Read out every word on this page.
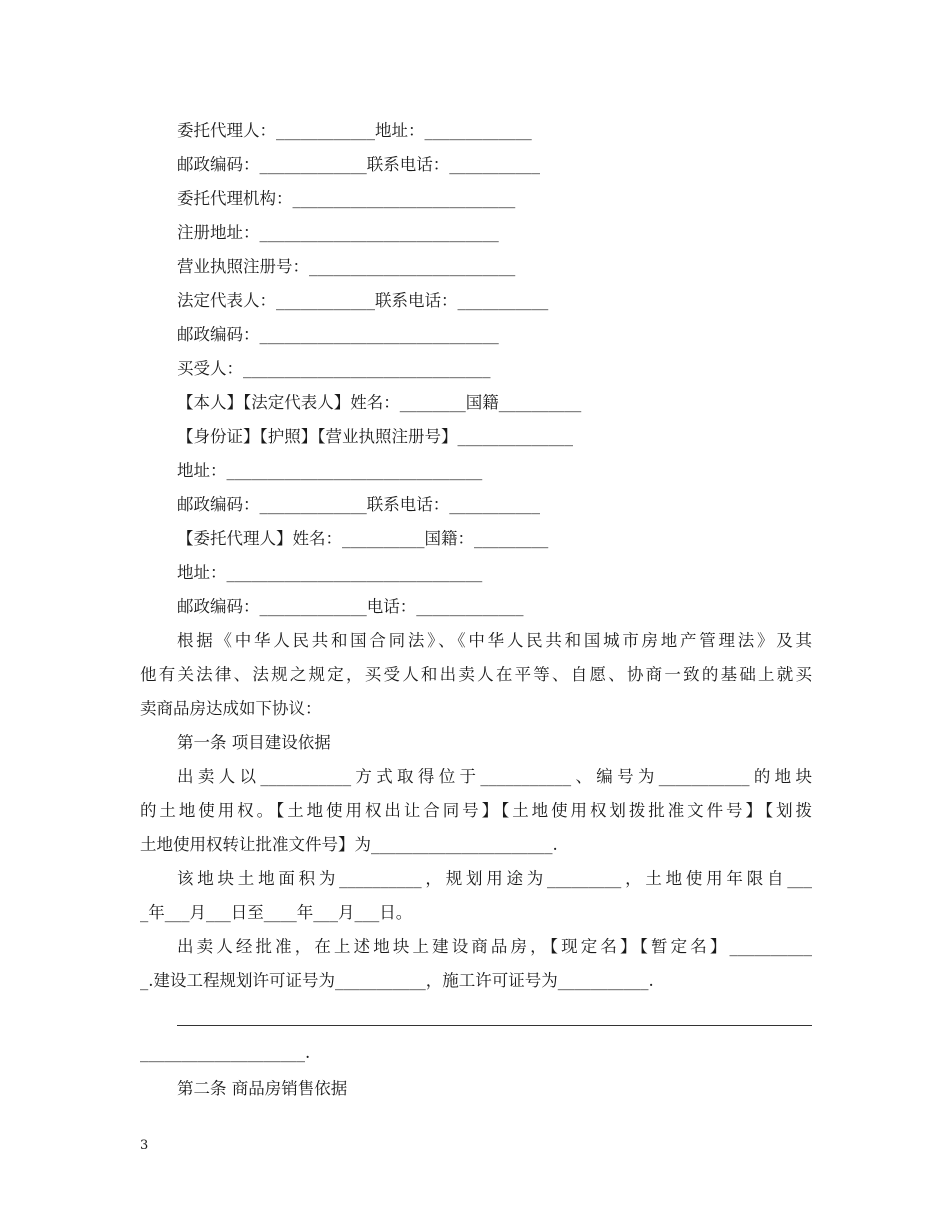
委托代理人：____________地址：_____________
邮政编码：_____________联系电话：___________
委托代理机构：___________________________
注册地址：_____________________________
营业执照注册号：_________________________
法定代表人：____________联系电话：___________
邮政编码：_____________________________
买受人：______________________________
【本人】【法定代表人】姓名：________国籍__________
【身份证】【护照】【营业执照注册号】______________
地址：_______________________________
邮政编码：_____________联系电话：___________
【委托代理人】姓名：__________国籍：_________
地址：_______________________________
邮政编码：_____________电话：_____________
根据《中华人民共和国合同法》、《中华人民共和国城市房地产管理法》及其
他有关法律、法规之规定，买受人和出卖人在平等、自愿、协商一致的基础上就买
卖商品房达成如下协议：
第一条 项目建设依据
出卖人以___________方式取得位于___________、编号为___________的地块
的土地使用权。【土地使用权出让合同号】【土地使用权划拨批准文件号】【划拨
土地使用权转让批准文件号】为______________________.
该地块土地面积为__________，规划用途为_________，土地使用年限自___
_年___月___日至____年___月___日。
出卖人经批准，在上述地块上建设商品房，【现定名】【暂定名】__________
_.建设工程规划许可证号为___________，施工许可证号为___________.
____________________.
第二条 商品房销售依据
3
